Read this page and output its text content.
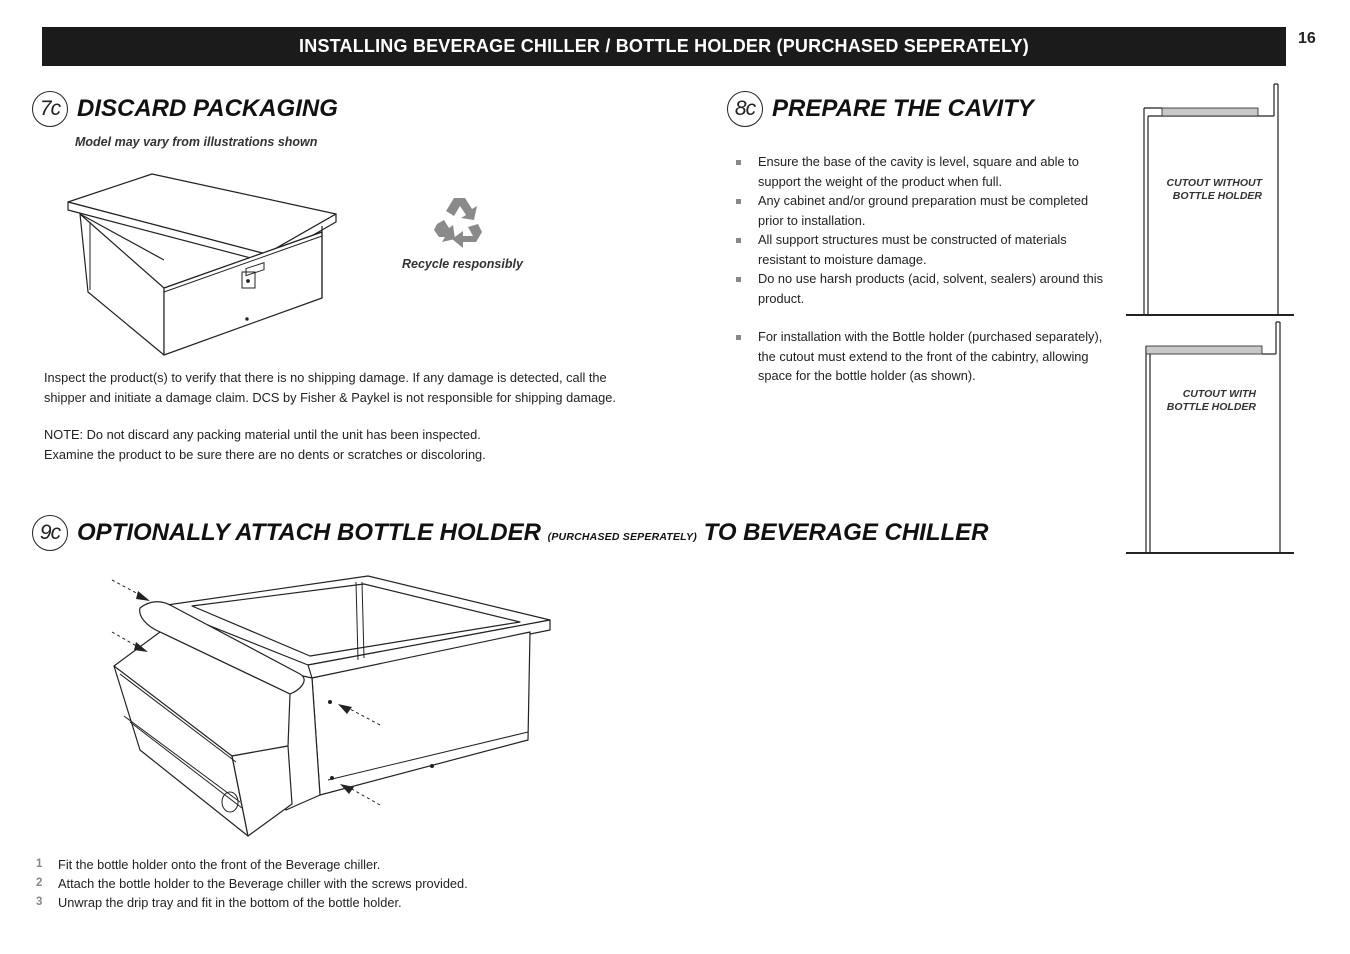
INSTALLING BEVERAGE CHILLER / BOTTLE HOLDER (PURCHASED SEPERATELY)	16
7c DISCARD PACKAGING
Model may vary from illustrations shown
Recycle responsibly
Inspect the product(s) to verify that there is no shipping damage. If any damage is detected, call the
shipper and initiate a damage claim. DCS by Fisher & Paykel is not responsible for shipping damage.
NOTE: Do not discard any packing material until the unit has been inspected.
Examine the product to be sure there are no dents or scratches or discoloring.
8c PREPARE THE CAVITY
Ensure the base of the cavity is level, square and able to support the weight of the product when full.
Any cabinet and/or ground preparation must be completed prior to installation.
All support structures must be constructed of materials resistant to moisture damage.
Do no use harsh products (acid, solvent, sealers) around this product.
For installation with the Bottle holder (purchased separately), the cutout must extend to the front of the cabintry, allowing space for the bottle holder (as shown).
CUTOUT WITHOUT
BOTTLE HOLDER
CUTOUT WITH
BOTTLE HOLDER
9c OPTIONALLY ATTACH BOTTLE HOLDER (PURCHASED SEPERATELY) TO BEVERAGE CHILLER
1	Fit the bottle holder onto the front of the Beverage chiller.
2	Attach the bottle holder to the Beverage chiller with the screws provided.
3	Unwrap the drip tray and fit in the bottom of the bottle holder.
